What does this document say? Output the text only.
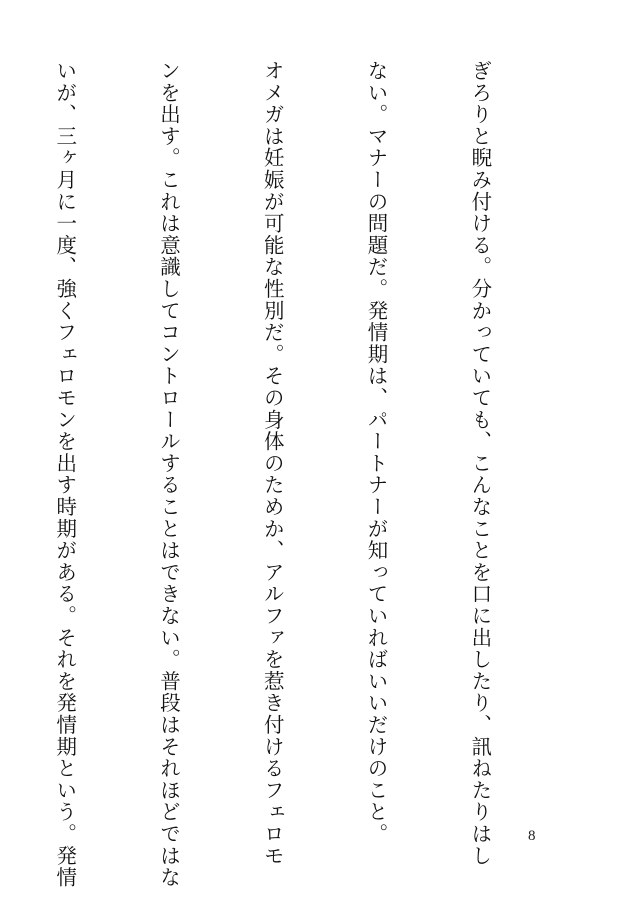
ぎろりと睨み付ける。分かっていても、こんなことを口に出したり、訊ねたりはし

ない。マナーの問題だ。発情期は、パートナーが知っていればいいだけのこと。

オメガは妊娠が可能な性別だ。その身体のためか、アルファを惹き付けるフェロモ

ンを出す。これは意識してコントロールすることはできない。普段はそれほどではな

いが、三ヶ月に一度、強くフェロモンを出す時期がある。それを発情期という。発情

	8
